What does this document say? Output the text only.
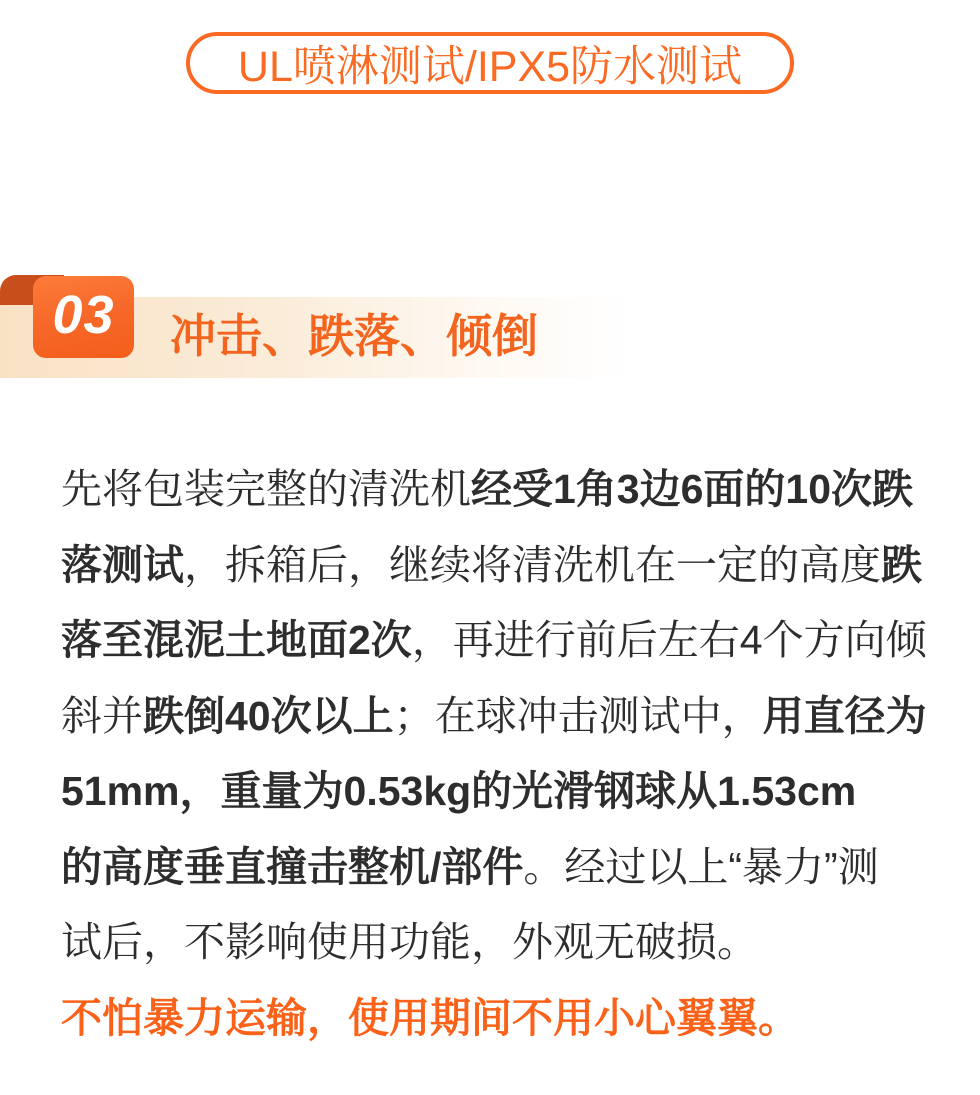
UL喷淋测试/IPX5防水测试
03 冲击、跌落、倾倒
先将包装完整的清洗机经受1角3边6面的10次跌
落测试，拆箱后，继续将清洗机在一定的高度跌
落至混泥土地面2次，再进行前后左右4个方向倾
斜并跌倒40次以上；在球冲击测试中，用直径为
51mm，重量为0.53kg的光滑钢球从1.53cm
的高度垂直撞击整机/部件。经过以上“暴力”测
试后，不影响使用功能，外观无破损。
不怕暴力运输，使用期间不用小心翼翼。
